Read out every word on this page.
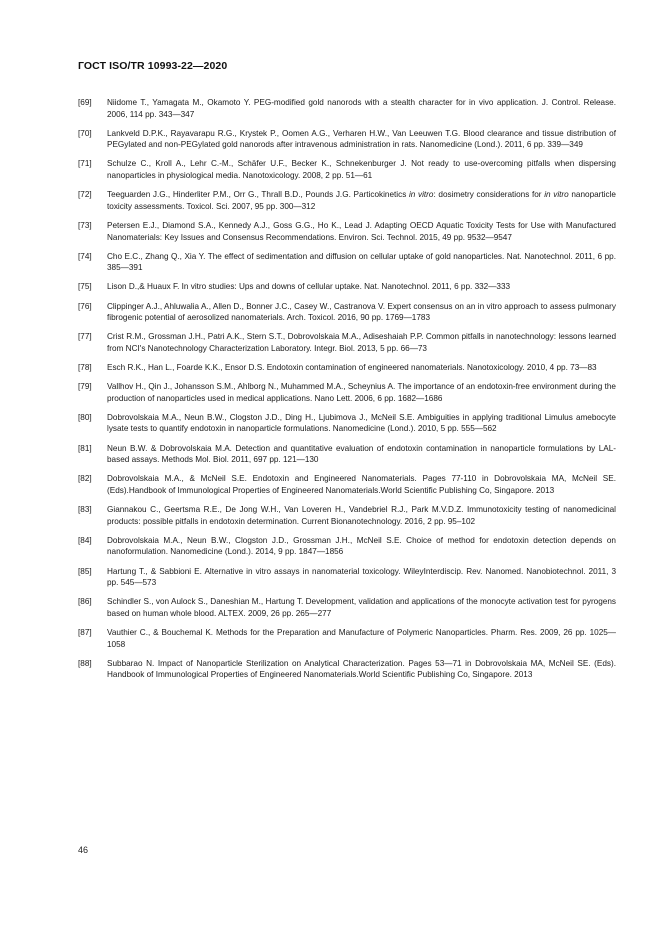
ГОСТ ISO/TR 10993-22—2020
[69]	Niidome T., Yamagata M., Okamoto Y. PEG-modified gold nanorods with a stealth character for in vivo application. J. Control. Release. 2006, 114 pp. 343—347
[70]	Lankveld D.P.K., Rayavarapu R.G., Krystek P., Oomen A.G., Verharen H.W., Van Leeuwen T.G. Blood clearance and tissue distribution of PEGylated and non-PEGylated gold nanorods after intravenous administration in rats. Nanomedicine (Lond.). 2011, 6 pp. 339—349
[71]	Schulze C., Kroll A., Lehr C.-M., Schäfer U.F., Becker K., Schnekenburger J. Not ready to use-overcoming pitfalls when dispersing nanoparticles in physiological media. Nanotoxicology. 2008, 2 pp. 51—61
[72]	Teeguarden J.G., Hinderliter P.M., Orr G., Thrall B.D., Pounds J.G. Particokinetics in vitro: dosimetry considerations for in vitro nanoparticle toxicity assessments. Toxicol. Sci. 2007, 95 pp. 300—312
[73]	Petersen E.J., Diamond S.A., Kennedy A.J., Goss G.G., Ho K., Lead J. Adapting OECD Aquatic Toxicity Tests for Use with Manufactured Nanomaterials: Key Issues and Consensus Recommendations. Environ. Sci. Technol. 2015, 49 pp. 9532—9547
[74]	Cho E.C., Zhang Q., Xia Y. The effect of sedimentation and diffusion on cellular uptake of gold nanoparticles. Nat. Nanotechnol. 2011, 6 pp. 385—391
[75]	Lison D.,& Huaux F. In vitro studies: Ups and downs of cellular uptake. Nat. Nanotechnol. 2011, 6 pp. 332—333
[76]	Clippinger A.J., Ahluwalia A., Allen D., Bonner J.C., Casey W., Castranova V. Expert consensus on an in vitro approach to assess pulmonary fibrogenic potential of aerosolized nanomaterials. Arch. Toxicol. 2016, 90 pp. 1769—1783
[77]	Crist R.M., Grossman J.H., Patri A.K., Stern S.T., Dobrovolskaia M.A., Adiseshaiah P.P. Common pitfalls in nanotechnology: lessons learned from NCI's Nanotechnology Characterization Laboratory. Integr. Biol. 2013, 5 pp. 66—73
[78]	Esch R.K., Han L., Foarde K.K., Ensor D.S. Endotoxin contamination of engineered nanomaterials. Nanotoxicology. 2010, 4 pp. 73—83
[79]	Vallhov H., Qin J., Johansson S.M., Ahlborg N., Muhammed M.A., Scheynius A. The importance of an endotoxin-free environment during the production of nanoparticles used in medical applications. Nano Lett. 2006, 6 pp. 1682—1686
[80]	Dobrovolskaia M.A., Neun B.W., Clogston J.D., Ding H., Ljubimova J., McNeil S.E. Ambiguities in applying traditional Limulus amebocyte lysate tests to quantify endotoxin in nanoparticle formulations. Nanomedicine (Lond.). 2010, 5 pp. 555—562
[81]	Neun B.W. & Dobrovolskaia M.A. Detection and quantitative evaluation of endotoxin contamination in nanoparticle formulations by LAL-based assays. Methods Mol. Biol. 2011, 697 pp. 121—130
[82]	Dobrovolskaia M.A., & McNeil S.E. Endotoxin and Engineered Nanomaterials. Pages 77-110 in Dobrovolskaia MA, McNeil SE. (Eds).Handbook of Immunological Properties of Engineered Nanomaterials.World Scientific Publishing Co, Singapore. 2013
[83]	Giannakou C., Geertsma R.E., De Jong W.H., Van Loveren H., Vandebriel R.J., Park M.V.D.Z. Immunotoxicity testing of nanomedicinal products: possible pitfalls in endotoxin determination. Current Bionanotechnology. 2016, 2 pp. 95–102
[84]	Dobrovolskaia M.A., Neun B.W., Clogston J.D., Grossman J.H., McNeil S.E. Choice of method for endotoxin detection depends on nanoformulation. Nanomedicine (Lond.). 2014, 9 pp. 1847—1856
[85]	Hartung T., & Sabbioni E. Alternative in vitro assays in nanomaterial toxicology. WileyInterdiscip. Rev. Nanomed. Nanobiotechnol. 2011, 3 pp. 545—573
[86]	Schindler S., von Aulock S., Daneshian M., Hartung T. Development, validation and applications of the monocyte activation test for pyrogens based on human whole blood. ALTEX. 2009, 26 pp. 265—277
[87]	Vauthier C., & Bouchemal K. Methods for the Preparation and Manufacture of Polymeric Nanoparticles. Pharm. Res. 2009, 26 pp. 1025—1058
[88]	Subbarao N. Impact of Nanoparticle Sterilization on Analytical Characterization. Pages 53—71 in Dobrovolskaia MA, McNeil SE. (Eds). Handbook of Immunological Properties of Engineered Nanomaterials.World Scientific Publishing Co, Singapore. 2013
46
